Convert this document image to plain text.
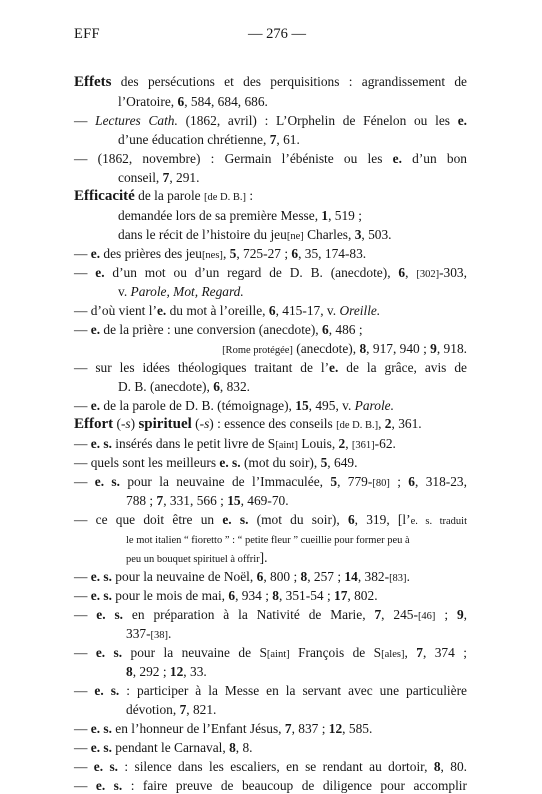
EFF	— 276 —
Effets des persécutions et des perquisitions : agrandissement de
l’Oratoire, 6, 584, 684, 686.
— Lectures Cath. (1862, avril) : L’Orphelin de Fénelon ou les e.
d’une éducation chrétienne, 7, 61.
— (1862, novembre) : Germain l’ébéniste ou les e. d’un bon
conseil, 7, 291.
Efficacité de la parole [de D. B.] :
demandée lors de sa première Messe, 1, 519 ;
dans le récit de l’histoire du jeu[ne] Charles, 3, 503.
— e. des prières des jeu[nes], 5, 725-27 ; 6, 35, 174-83.
— e. d’un mot ou d’un regard de D. B. (anecdote), 6, [302]-303,
v. Parole, Mot, Regard.
— d’où vient l’e. du mot à l’oreille, 6, 415-17, v. Oreille.
— e. de la prière : une conversion (anecdote), 6, 486 ;
[Rome protégée] (anecdote), 8, 917, 940 ; 9, 918.
— sur les idées théologiques traitant de l’e. de la grâce, avis de
D. B. (anecdote), 6, 832.
— e. de la parole de D. B. (témoignage), 15, 495, v. Parole.
Effort (-s) spirituel (-s) : essence des conseils [de D. B.], 2, 361.
— e. s. insérés dans le petit livre de S[aint] Louis, 2, [361]-62.
— quels sont les meilleurs e. s. (mot du soir), 5, 649.
— e. s. pour la neuvaine de l’Immaculée, 5, 779-[80] ; 6, 318-23,
788 ; 7, 331, 566 ; 15, 469-70.
— ce que doit être un e. s. (mot du soir), 6, 319, [l’e. s. traduit
le mot italien “ fioretto ” : “ petite fleur ” cueillie pour former peu à
peu un bouquet spirituel à offrir].
— e. s. pour la neuvaine de Noël, 6, 800 ; 8, 257 ; 14, 382-[83].
— e. s. pour le mois de mai, 6, 934 ; 8, 351-54 ; 17, 802.
— e. s. en préparation à la Nativité de Marie, 7, 245-[46] ; 9,
337-[38].
— e. s. pour la neuvaine de S[aint] François de S[ales], 7, 374 ;
8, 292 ; 12, 33.
— e. s. : participer à la Messe en la servant avec une particulière
dévotion, 7, 821.
— e. s. en l’honneur de l’Enfant Jésus, 7, 837 ; 12, 585.
— e. s. pendant le Carnaval, 8, 8.
— e. s. : silence dans les escaliers, en se rendant au dortoir, 8, 80.
— e. s. : faire preuve de beaucoup de diligence pour accomplir
